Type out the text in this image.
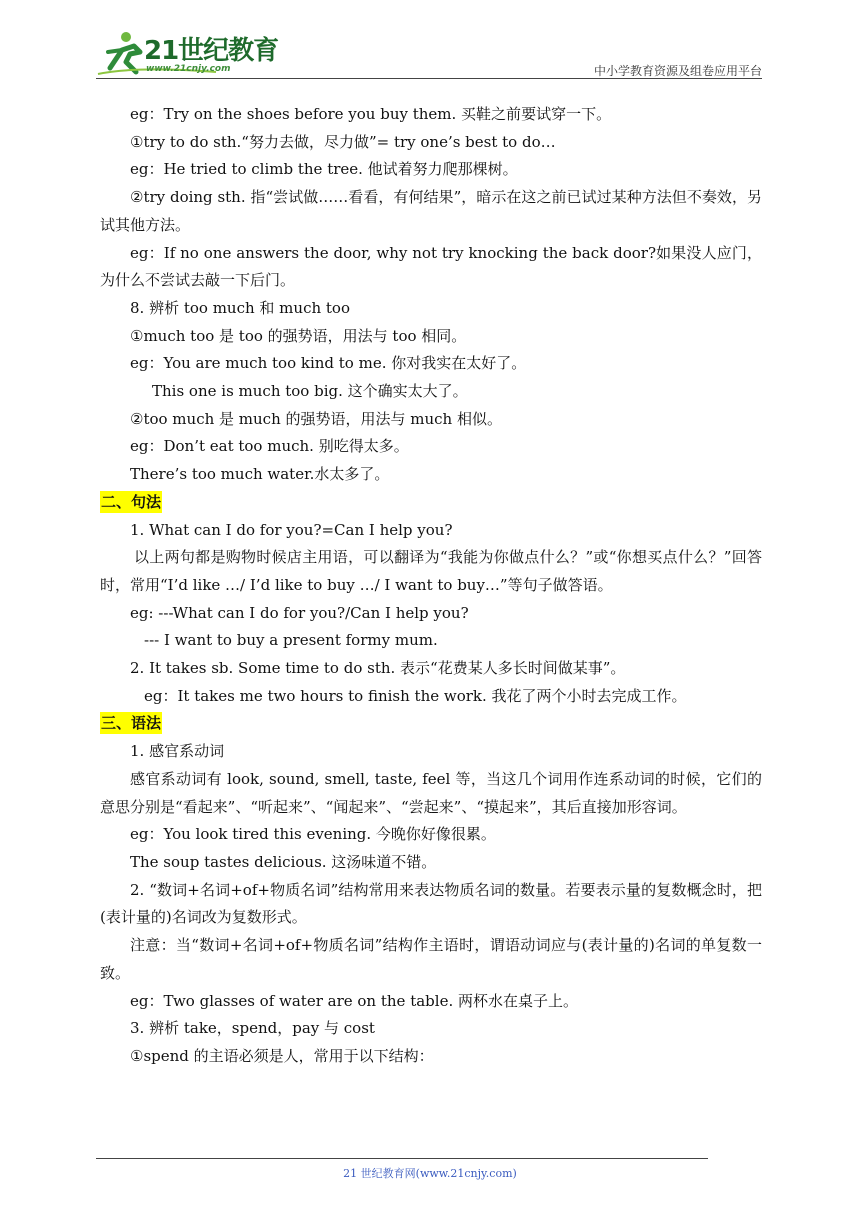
21世纪教育
www.21cnjy.com	中小学教育资源及组卷应用平台

eg：Try on the shoes before you buy them. 买鞋之前要试穿一下。

①try to do sth.“努力去做，尽力做”= try one’s best to do…

eg：He tried to climb the tree. 他试着努力爬那棵树。

②try doing sth. 指“尝试做……看看，有何结果”，暗示在这之前已试过某种方法但不奏效，另试其他方法。

eg：If no one answers the door, why not try knocking the back door?如果没人应门，为什么不尝试去敲一下后门。

8. 辨析 too much 和 much too

①much too 是 too 的强势语，用法与 too 相同。

eg：You are much too kind to me. 你对我实在太好了。

This one is much too big. 这个确实太大了。

②too much 是 much 的强势语，用法与 much 相似。

eg：Don’t eat too much. 别吃得太多。

There’s too much water.水太多了。

二、句法

1. What can I do for you?=Can I help you?

以上两句都是购物时候店主用语，可以翻译为“我能为你做点什么？”或“你想买点什么？”回答时，常用“I’d like …/ I’d like to buy …/ I want to buy…”等句子做答语。

eg: ---What can I do for you?/Can I help you?

--- I want to buy a present formy mum.

2. It takes sb. Some time to do sth. 表示“花费某人多长时间做某事”。

eg：It takes me two hours to finish the work. 我花了两个小时去完成工作。

三、语法

1. 感官系动词

感官系动词有 look, sound, smell, taste, feel 等，当这几个词用作连系动词的时候，它们的意思分别是“看起来”、“听起来”、“闻起来”、“尝起来”、“摸起来”，其后直接加形容词。

eg：You look tired this evening. 今晚你好像很累。

The soup tastes delicious. 这汤味道不错。

2. “数词+名词+of+物质名词”结构常用来表达物质名词的数量。若要表示量的复数概念时，把(表计量的)名词改为复数形式。

注意：当“数词+名词+of+物质名词”结构作主语时，谓语动词应与(表计量的)名词的单复数一致。

eg：Two glasses of water are on the table. 两杯水在桌子上。

3. 辨析 take，spend，pay 与 cost

①spend 的主语必须是人，常用于以下结构：

21 世纪教育网(www.21cnjy.com)
